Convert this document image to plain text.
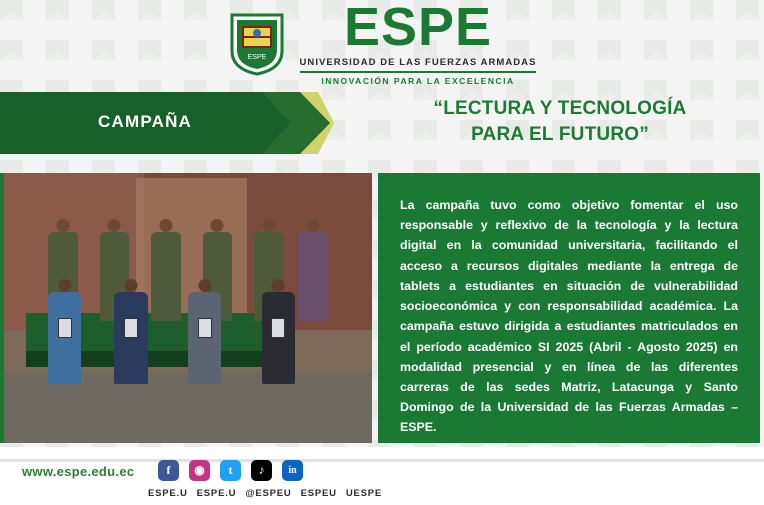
ESPE
ESPE
UNIVERSIDAD DE LAS FUERZAS ARMADAS
INNOVACIÓN PARA LA EXCELENCIA
CAMPAÑA
“LECTURA Y TECNOLOGÍA
PARA EL FUTURO”

La campaña tuvo como objetivo fomentar el uso responsable y reflexivo de la tecnología y la lectura digital en la comunidad universitaria, facilitando el acceso a recursos digitales mediante la entrega de tablets a estudiantes en situación de vulnerabilidad socioeconómica y con responsabilidad académica. La campaña estuvo dirigida a estudiantes matriculados en el período académico SI 2025 (Abril - Agosto 2025) en modalidad presencial y en línea de las diferentes carreras de las sedes Matriz, Latacunga y Santo Domingo de la Universidad de las Fuerzas Armadas – ESPE.

www.espe.edu.ec	f	◉	t	♪	in
ESPE.U ESPE.U @ESPEU ESPEU UESPE
